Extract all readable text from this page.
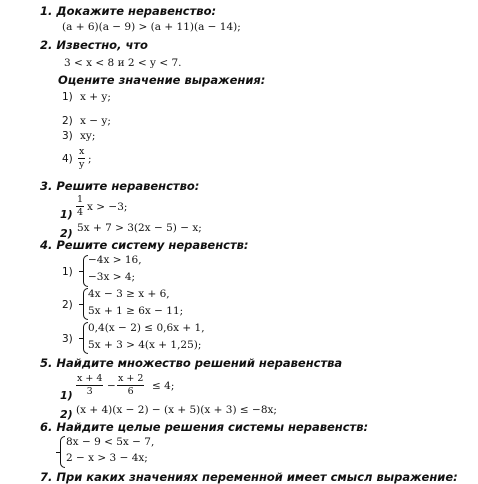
1. Докажите неравенство:
(a + 6)(a − 9) > (a + 11)(a − 14);
2. Известно, что
3 < x < 8 и 2 < y < 7.
Оцените значение выражения:
1) x + y;
2) x − y;
3) xy;
$4) \frac{x}{y}$ ;
3. Решите неравенство:
$1) \frac{1}{4}$ x > −3;
2) 5x + 7 > 3(2x − 5) − x;
4. Решите систему неравенств:
1)
−4x > 16,
−3x > 4;
2)
4x − 3 ≥ x + 6,
5x + 1 ≥ 6x − 11;
3)
0,4(x − 2) ≤ 0,6x + 1,
5x + 3 > 4(x + 1,25);
5. Найдите множество решений неравенства
$1) \frac{x + 4}{3} - \frac{x + 2}{6} \le 4$;
2) (x + 4)(x − 2) − (x + 5)(x + 3) ≤ −8x;
6. Найдите целые решения системы неравенств:
8x − 9 < 5x − 7,
2 − x > 3 − 4x;
7. При каких значениях переменной имеет смысл выражение:
